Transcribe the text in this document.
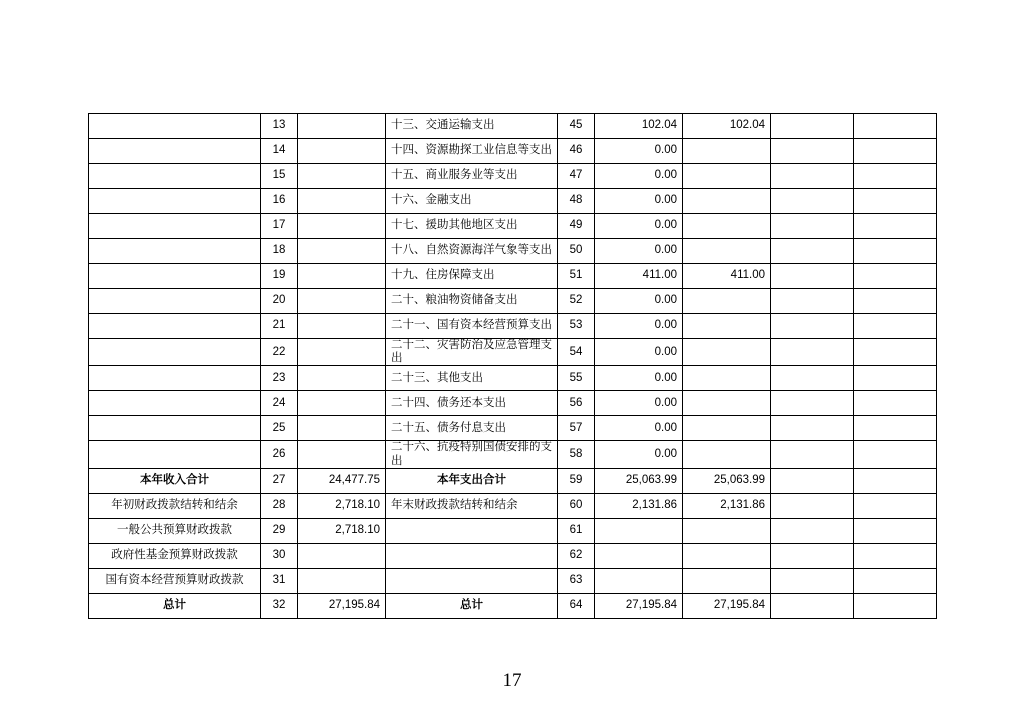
	13		十三、交通运输支出	45	102.04	102.04		
	14		十四、资源勘探工业信息等支出	46	0.00			
	15		十五、商业服务业等支出	47	0.00			
	16		十六、金融支出	48	0.00			
	17		十七、援助其他地区支出	49	0.00			
	18		十八、自然资源海洋气象等支出	50	0.00			
	19		十九、住房保障支出	51	411.00	411.00		
	20		二十、粮油物资储备支出	52	0.00			
	21		二十一、国有资本经营预算支出	53	0.00			
	22		二十二、灾害防治及应急管理支出	54	0.00			
	23		二十三、其他支出	55	0.00			
	24		二十四、债务还本支出	56	0.00			
	25		二十五、债务付息支出	57	0.00			
	26		二十六、抗疫特别国债安排的支出	58	0.00			
本年收入合计	27	24,477.75	本年支出合计	59	25,063.99	25,063.99		
年初财政拨款结转和结余	28	2,718.10	年末财政拨款结转和结余	60	2,131.86	2,131.86		
一般公共预算财政拨款	29	2,718.10		61				
政府性基金预算财政拨款	30			62				
国有资本经营预算财政拨款	31			63				
总计	32	27,195.84	总计	64	27,195.84	27,195.84		
17
